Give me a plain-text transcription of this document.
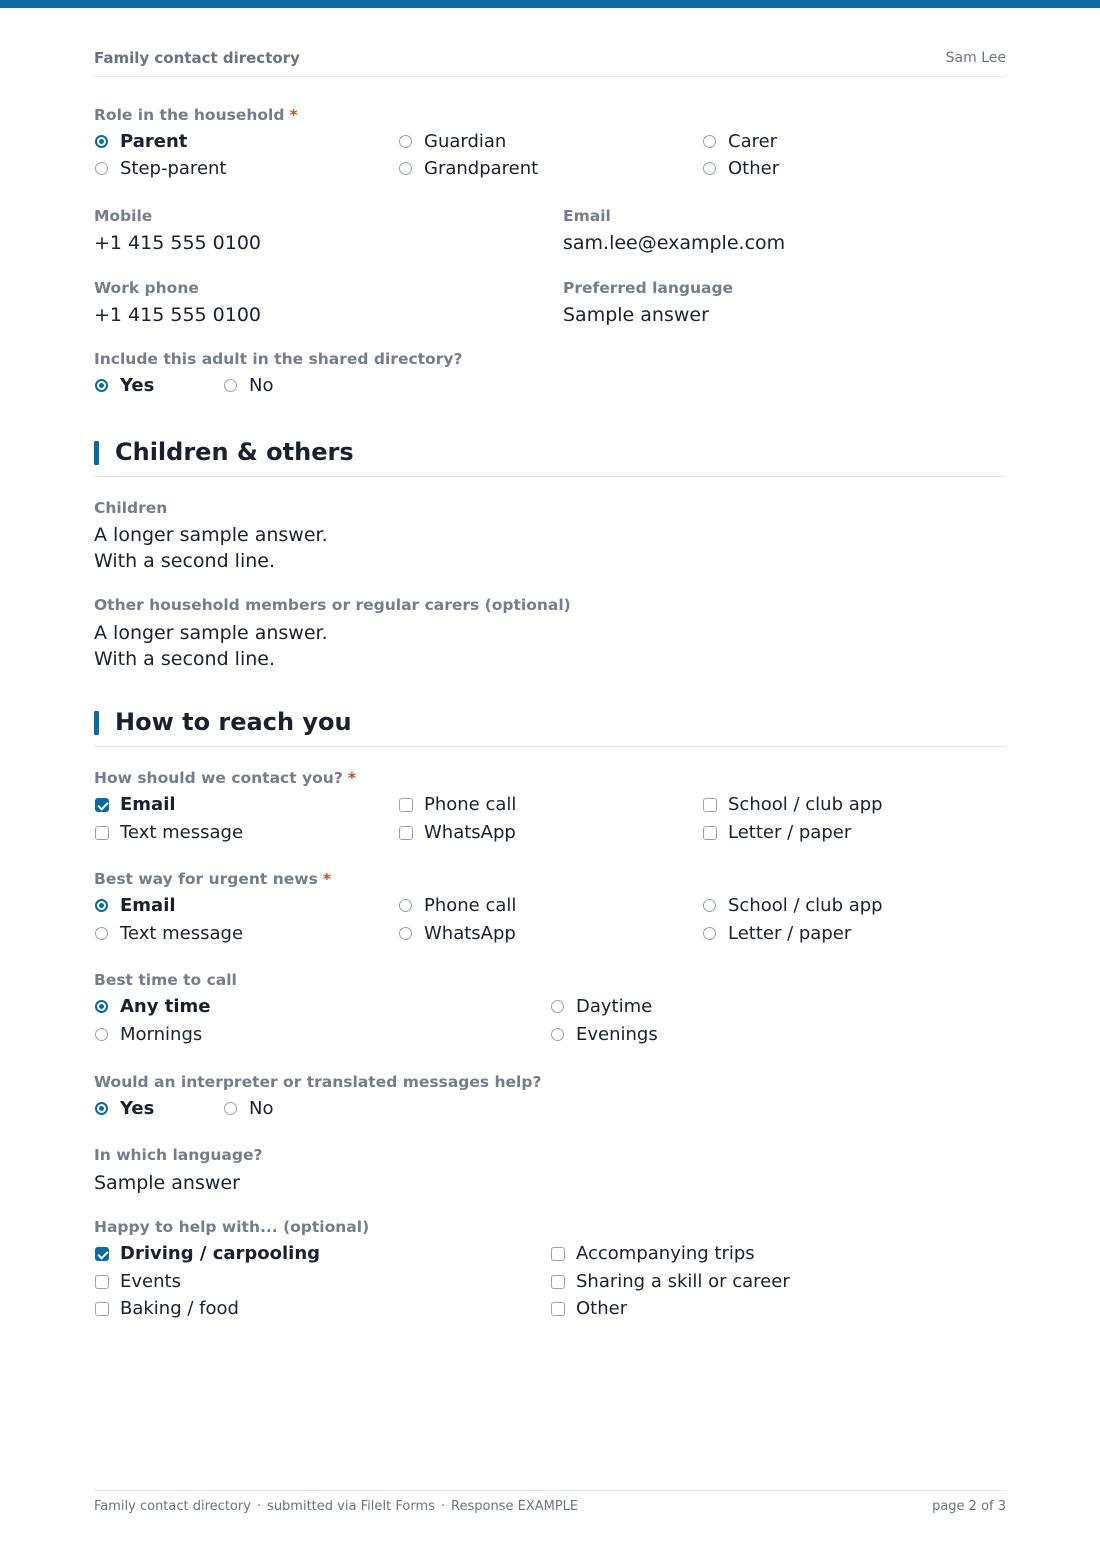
Family contact directory	Sam Lee
Role in the household *
Parent	Guardian	Carer
Step-parent	Grandparent	Other
Mobile
+1 415 555 0100
Email
sam.lee@example.com
Work phone
+1 415 555 0100
Preferred language
Sample answer
Include this adult in the shared directory?
Yes	No
Children & others
Children
A longer sample answer.
With a second line.
Other household members or regular carers (optional)
A longer sample answer.
With a second line.
How to reach you
How should we contact you? *
Email	Phone call	School / club app
Text message	WhatsApp	Letter / paper
Best way for urgent news *
Email	Phone call	School / club app
Text message	WhatsApp	Letter / paper
Best time to call
Any time	Daytime
Mornings	Evenings
Would an interpreter or translated messages help?
Yes	No
In which language?
Sample answer
Happy to help with... (optional)
Driving / carpooling	Accompanying trips
Events	Sharing a skill or career
Baking / food	Other
Family contact directory · submitted via FileIt Forms · Response EXAMPLE	page 2 of 3
